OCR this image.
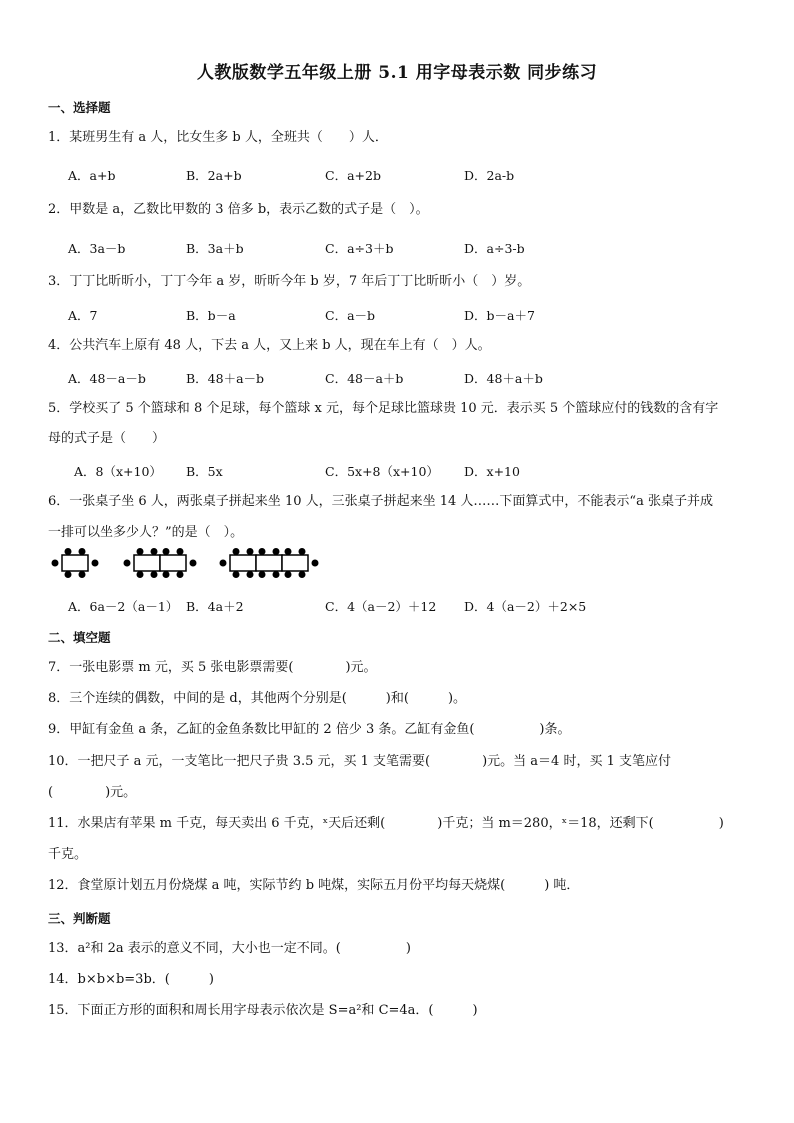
人教版数学五年级上册 5.1 用字母表示数 同步练习
一、选择题
1．某班男生有 a 人，比女生多 b 人，全班共（　　）人．
A．a+b	B．2a+b	C．a+2b	D．2a-b
2．甲数是 a，乙数比甲数的 3 倍多 b，表示乙数的式子是（　）。
A．3a－b	B．3a＋b	C．a÷3＋b	D．a÷3-b
3．丁丁比昕昕小，丁丁今年 a 岁，昕昕今年 b 岁，7 年后丁丁比昕昕小（　）岁。
A．7	B．b－a	C．a－b	D．b－a＋7
4．公共汽车上原有 48 人，下去 a 人，又上来 b 人，现在车上有（　）人。
A．48－a－b	B．48＋a－b	C．48－a＋b	D．48＋a＋b
5．学校买了 5 个篮球和 8 个足球，每个篮球 x 元，每个足球比篮球贵 10 元．表示买 5 个篮球应付的钱数的含有字
母的式子是（　　）
A．8（x+10） B．5x	C．5x+8（x+10） D．x+10
6．一张桌子坐 6 人，两张桌子拼起来坐 10 人，三张桌子拼起来坐 14 人……下面算式中，不能表示“a 张桌子并成
一排可以坐多少人？”的是（　）。
A．6a－2（a－1） B．4a＋2	C．4（a－2）＋12 D．4（a－2）＋2×5
二、填空题
7．一张电影票 m 元，买 5 张电影票需要(　　　　)元。
8．三个连续的偶数，中间的是 d，其他两个分别是(　　　)和(　　　)。
9．甲缸有金鱼 a 条，乙缸的金鱼条数比甲缸的 2 倍少 3 条。乙缸有金鱼(　　　　　)条。
10．一把尺子 a 元，一支笔比一把尺子贵 3.5 元，买 1 支笔需要(　　　　)元。当 a＝4 时，买 1 支笔应付
(　　　　)元。
11．水果店有苹果 m 千克，每天卖出 6 千克，ˣ天后还剩(　　　　)千克；当 m＝280，ˣ＝18，还剩下(　　　　　)
千克。
12．食堂原计划五月份烧煤 a 吨，实际节约 b 吨煤，实际五月份平均每天烧煤(　　　) 吨．
三、判断题
13．a²和 2a 表示的意义不同，大小也一定不同。(　　　　　)
14．b×b×b=3b．(　　　)
15．下面正方形的面积和周长用字母表示依次是 S=a²和 C=4a．(　　　)
